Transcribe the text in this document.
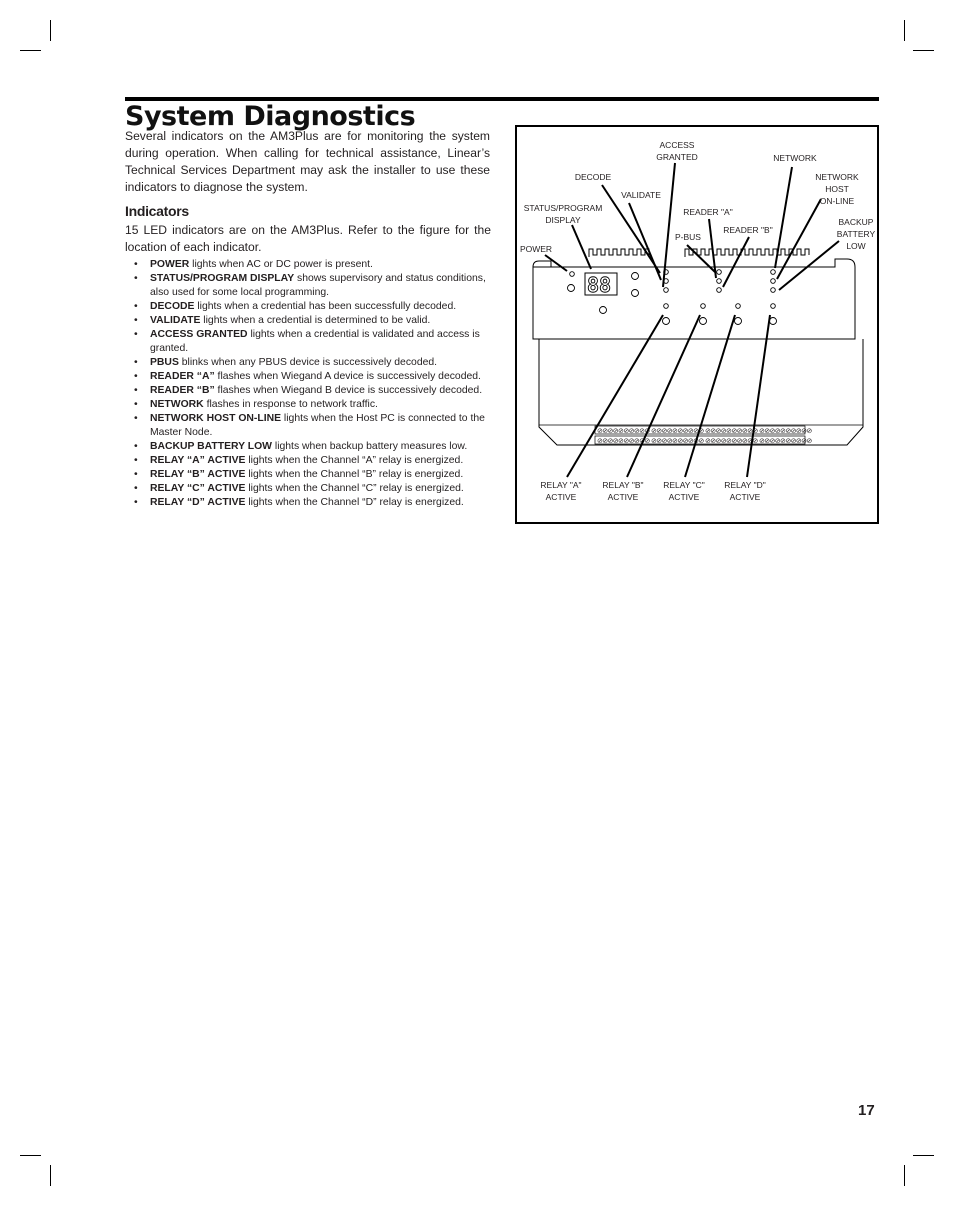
System Diagnostics

Several indicators on the AM3Plus are for monitoring the system during operation. When calling for technical assistance, Linear’s Technical Services Department may ask the installer to use these indicators to diagnose the system.

Indicators

15 LED indicators are on the AM3Plus. Refer to the figure for the location of each indicator.

• POWER lights when AC or DC power is present.
• STATUS/PROGRAM DISPLAY shows supervisory and status conditions, also used for some local programming.
• DECODE lights when a credential has been successfully decoded.
• VALIDATE lights when a credential is determined to be valid.
• ACCESS GRANTED lights when a credential is validated and access is granted.
• PBUS blinks when any PBUS device is successively decoded.
• READER “A” flashes when Wiegand A device is successively decoded.
• READER “B” flashes when Wiegand B device is successively decoded.
• NETWORK flashes in response to network traffic.
• NETWORK HOST ON-LINE lights when the Host PC is connected to the Master Node.
• BACKUP BATTERY LOW lights when backup battery measures low.
• RELAY “A” ACTIVE lights when the Channel “A” relay is energized.
• RELAY “B” ACTIVE lights when the Channel “B” relay is energized.
• RELAY “C” ACTIVE lights when the Channel “C” relay is energized.
• RELAY “D” ACTIVE lights when the Channel “D” relay is energized.
⊘⊘⊘⊘⊘⊘⊘⊘⊘⊘ ⊘⊘⊘⊘⊘⊘⊘⊘⊘⊘ ⊘⊘⊘⊘⊘⊘⊘⊘⊘⊘ ⊘⊘⊘⊘⊘⊘⊘⊘⊘⊘
⊘⊘⊘⊘⊘⊘⊘⊘⊘⊘ ⊘⊘⊘⊘⊘⊘⊘⊘⊘⊘ ⊘⊘⊘⊘⊘⊘⊘⊘⊘⊘ ⊘⊘⊘⊘⊘⊘⊘⊘⊘⊘
88
ACCESS
GRANTED	NETWORK
DECODE	NETWORK
HOST
ON-LINE
VALIDATE
STATUS/PROGRAM
DISPLAY
READER "A"
READER "B"
BACKUP
BATTERY
LOW
P-BUS
POWER
RELAY "A"
ACTIVE
RELAY "B"
ACTIVE
RELAY "C"
ACTIVE
RELAY "D"
ACTIVE

17
